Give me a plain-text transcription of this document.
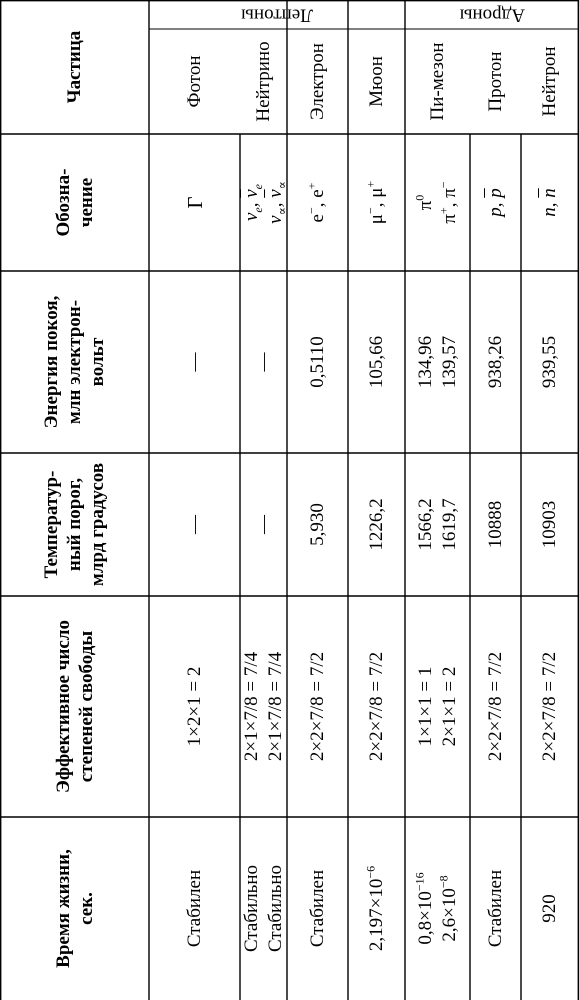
Частица
Обозна-
чение
Энергия покоя,
млн электрон-
вольт
Температур-
ный порог,
млрд градусов
Эффективное число
степеней свободы
Время жизни,
сек.
Лептоны	Адроны
Фотон
Γ
—
—
1×2×1 = 2
Стабилен
Нейтрино
$\nu_e$, $\overline{\nu}_e$
$\nu_\propto$, $\overline{\nu}_\propto$
—
—
2×1×7/8 = 7/4 2×1×7/8 = 7/4
Стабильно Стабильно
Электрон
e−, e+
0,5110
5,930
2×2×7/8 = 7/2
Стабилен
Мюон
μ−, μ+
105,66
1226,2
2×2×7/8 = 7/2
$2,197\times 10^{-6}$
Пи-мезон
$\pi^0$
π+, π−
134,96 139,57
1566,2 1619,7
1×1×1 = 1 2×1×1 = 2
$0,8\times 10^{-16}$
$2,6\times 10^{-8}$
Протон
p, $\overline{p}$
938,26
10888
2×2×7/8 = 7/2
Стабилен
Нейтрон
n, $\overline{n}$
939,55
10903
2×2×7/8 = 7/2
920
